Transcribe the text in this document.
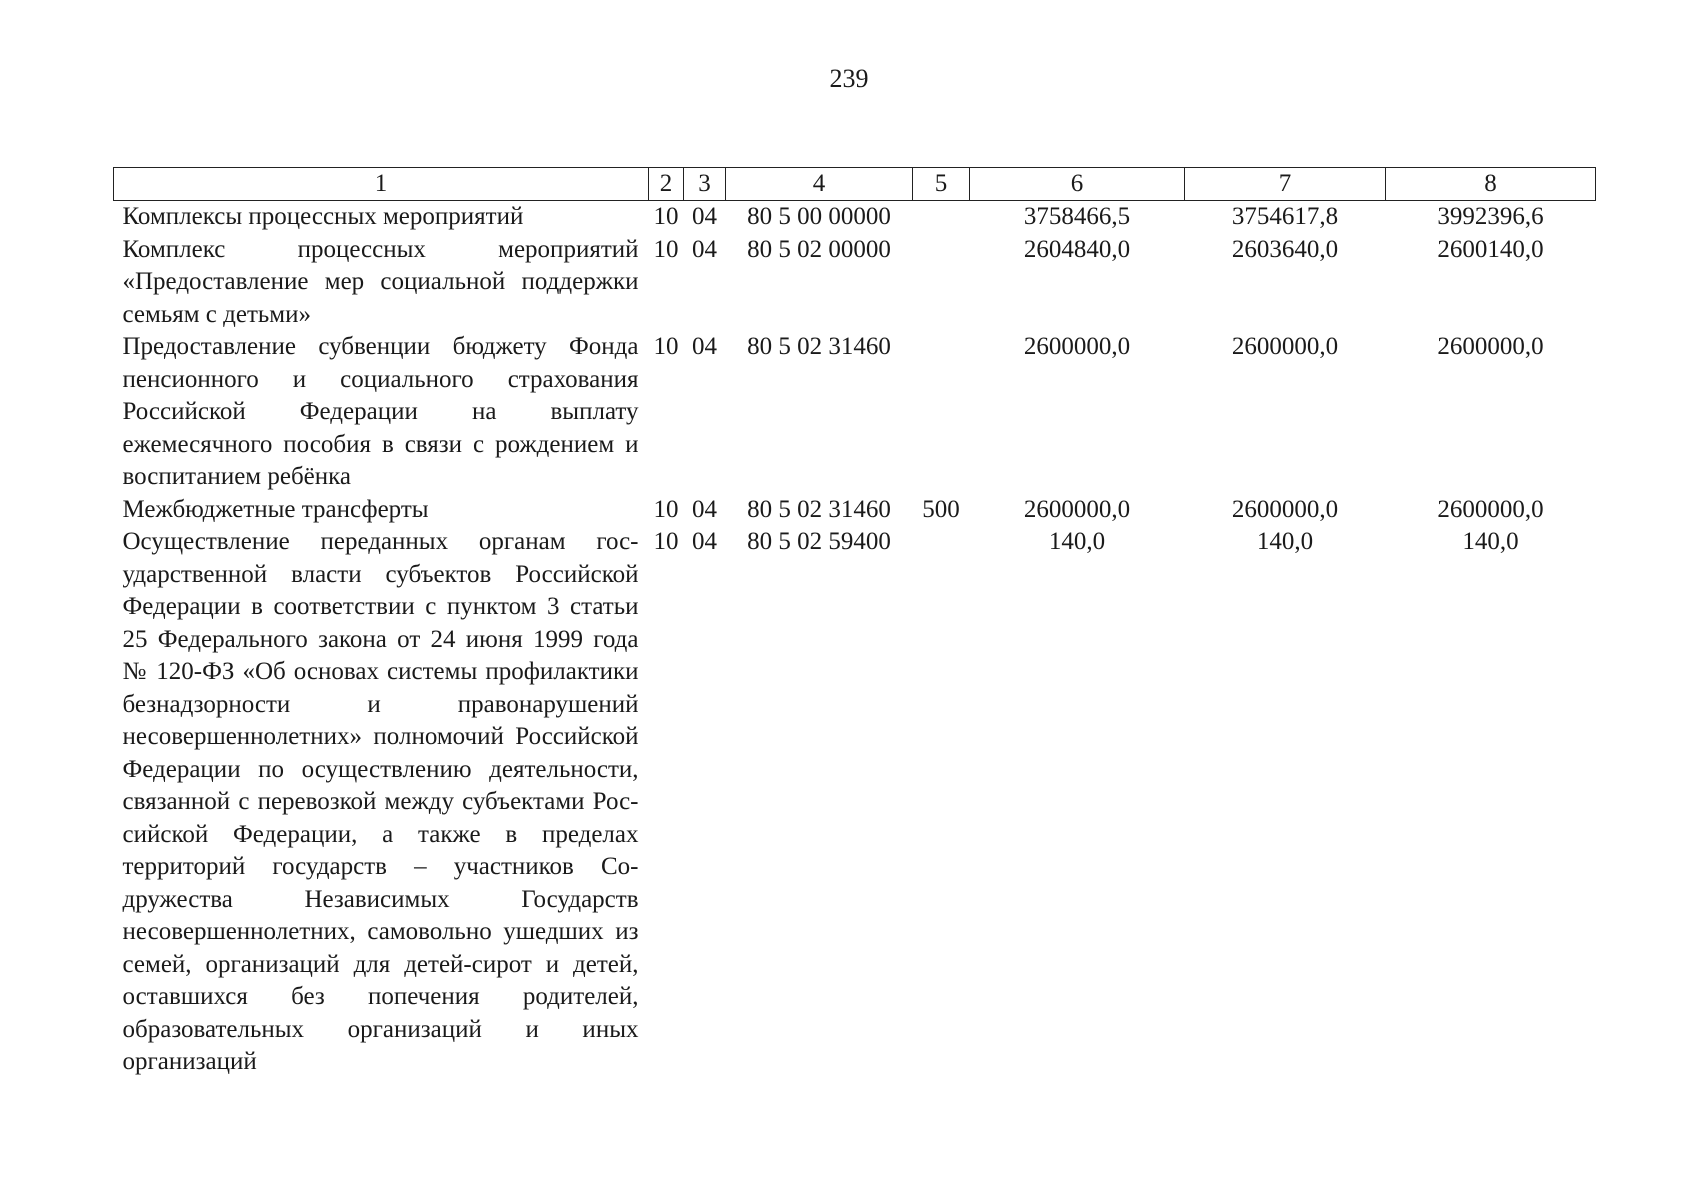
239
1	2	3	4	5	6	7	8
Комплексы процессных мероприятий	10	04	80 5 00 00000		3758466,5	3754617,8	3992396,6
Комплекс процессных мероприятий «Предоставление мер социальной поддержки семьям с детьми»	10	04	80 5 02 00000		2604840,0	2603640,0	2600140,0
Предоставление субвенции бюджету Фонда пенсионного и социального страхования Российской Федерации на выплату ежемесячного пособия в связи с рождением и воспитанием ребёнка	10	04	80 5 02 31460		2600000,0	2600000,0	2600000,0
Межбюджетные трансферты	10	04	80 5 02 31460	500	2600000,0	2600000,0	2600000,0
Осуществление переданных органам государственной власти субъектов Российской Федерации в соответствии с пунктом 3 статьи 25 Федерального закона от 24 июня 1999 года № 120-ФЗ «Об основах системы профилактики безнадзорности и правонарушений несовершеннолетних» полномочий Российской Федерации по осуществлению деятельности, связанной с перевозкой между субъектами Российской Федерации, а также в пределах территорий государств – участников Содружества Независимых Государств несовершеннолетних, самовольно ушедших из семей, организаций для детей-сирот и детей, оставшихся без попечения родителей, образовательных организаций и иных организаций	10	04	80 5 02 59400		140,0	140,0	140,0
